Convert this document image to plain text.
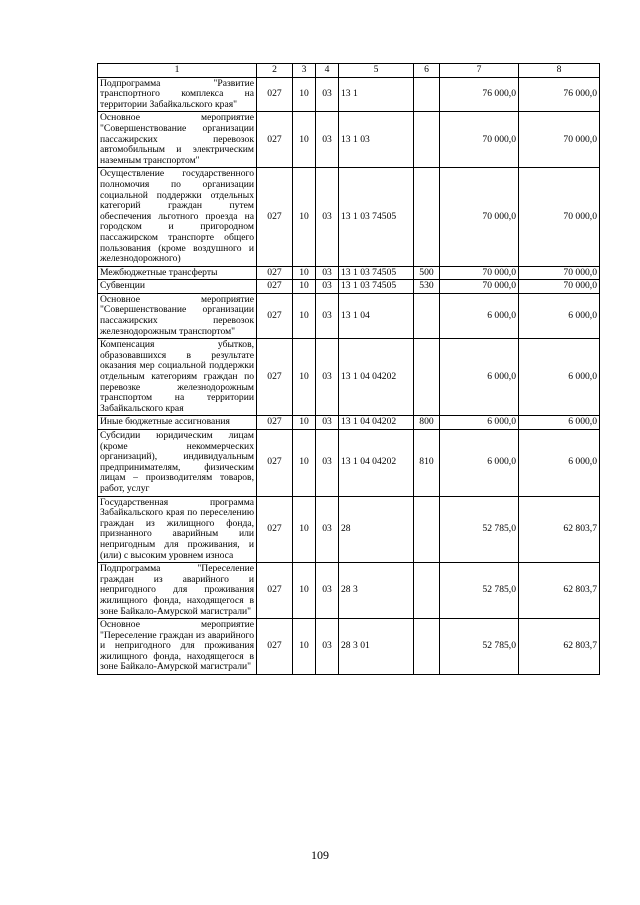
1	2	3	4	5	6	7	8
Подпрограмма "Развитие транспортного комплекса на территории Забайкальского края"	027	10	03	13 1		76 000,0	76 000,0
Основное мероприятие "Совершенствование организации пассажирских перевозок автомобильным и электрическим наземным транспортом"	027	10	03	13 1 03		70 000,0	70 000,0
Осуществление государственного полномочия по организации социальной поддержки отдельных категорий граждан путем обеспечения льготного проезда на городском и пригородном пассажирском транспорте общего пользования (кроме воздушного и железнодорожного)	027	10	03	13 1 03 74505		70 000,0	70 000,0
Межбюджетные трансферты	027	10	03	13 1 03 74505	500	70 000,0	70 000,0
Субвенции	027	10	03	13 1 03 74505	530	70 000,0	70 000,0
Основное мероприятие "Совершенствование организации пассажирских перевозок железнодорожным транспортом"	027	10	03	13 1 04		6 000,0	6 000,0
Компенсация убытков, образовавшихся в результате оказания мер социальной поддержки отдельным категориям граждан по перевозке железнодорожным транспортом на территории Забайкальского края	027	10	03	13 1 04 04202		6 000,0	6 000,0
Иные бюджетные ассигнования	027	10	03	13 1 04 04202	800	6 000,0	6 000,0
Субсидии юридическим лицам (кроме некоммерческих организаций), индивидуальным предпринимателям, физическим лицам – производителям товаров, работ, услуг	027	10	03	13 1 04 04202	810	6 000,0	6 000,0
Государственная программа Забайкальского края по переселению граждан из жилищного фонда, признанного аварийным или непригодным для проживания, и (или) с высоким уровнем износа	027	10	03	28		52 785,0	62 803,7
Подпрограмма "Переселение граждан из аварийного и непригодного для проживания жилищного фонда, находящегося в зоне Байкало-Амурской магистрали"	027	10	03	28 3		52 785,0	62 803,7
Основное мероприятие "Переселение граждан из аварийного и непригодного для проживания жилищного фонда, находящегося в зоне Байкало-Амурской магистрали"	027	10	03	28 3 01		52 785,0	62 803,7
109
